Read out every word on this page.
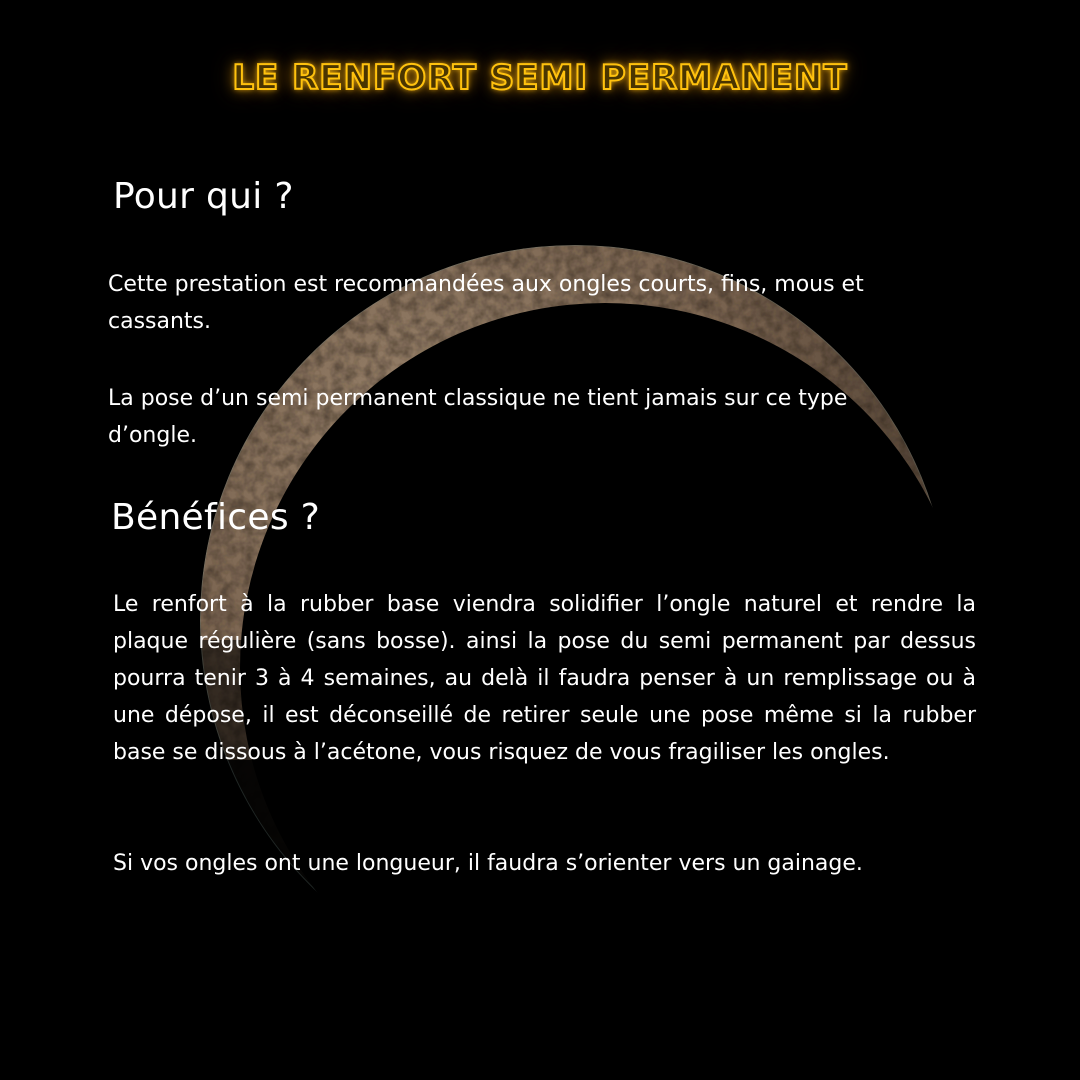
LE RENFORT SEMI PERMANENT
Pour qui ?

Cette prestation est recommandées aux ongles courts, fins, mous et cassants.

La pose d’un semi permanent classique ne tient jamais sur ce type d’ongle.

Bénéfices ?

Le renfort à la rubber base viendra solidifier l’ongle naturel et rendre la plaque régulière (sans bosse). ainsi la pose du semi permanent par dessus pourra tenir 3 à 4 semaines, au delà il faudra penser à un remplissage ou à une dépose, il est déconseillé de retirer seule une pose même si la rubber base se dissous à l’acétone, vous risquez de vous fragiliser les ongles.

Si vos ongles ont une longueur, il faudra s’orienter vers un gainage.
